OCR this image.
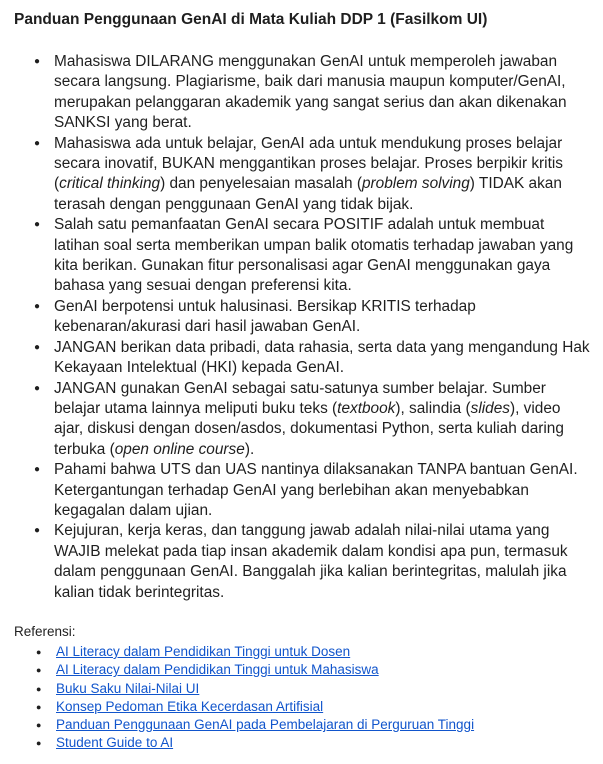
Panduan Penggunaan GenAI di Mata Kuliah DDP 1 (Fasilkom UI)
● Mahasiswa DILARANG menggunakan GenAI untuk memperoleh jawaban secara langsung. Plagiarisme, baik dari manusia maupun komputer/GenAI, merupakan pelanggaran akademik yang sangat serius dan akan dikenakan SANKSI yang berat.
● Mahasiswa ada untuk belajar, GenAI ada untuk mendukung proses belajar secara inovatif, BUKAN menggantikan proses belajar. Proses berpikir kritis (critical thinking) dan penyelesaian masalah (problem solving) TIDAK akan terasah dengan penggunaan GenAI yang tidak bijak.
● Salah satu pemanfaatan GenAI secara POSITIF adalah untuk membuat latihan soal serta memberikan umpan balik otomatis terhadap jawaban yang kita berikan. Gunakan fitur personalisasi agar GenAI menggunakan gaya bahasa yang sesuai dengan preferensi kita.
● GenAI berpotensi untuk halusinasi. Bersikap KRITIS terhadap kebenaran/akurasi dari hasil jawaban GenAI.
● JANGAN berikan data pribadi, data rahasia, serta data yang mengandung Hak Kekayaan Intelektual (HKI) kepada GenAI.
● JANGAN gunakan GenAI sebagai satu-satunya sumber belajar. Sumber belajar utama lainnya meliputi buku teks (textbook), salindia (slides), video ajar, diskusi dengan dosen/asdos, dokumentasi Python, serta kuliah daring terbuka (open online course).
● Pahami bahwa UTS dan UAS nantinya dilaksanakan TANPA bantuan GenAI. Ketergantungan terhadap GenAI yang berlebihan akan menyebabkan kegagalan dalam ujian.
● Kejujuran, kerja keras, dan tanggung jawab adalah nilai-nilai utama yang WAJIB melekat pada tiap insan akademik dalam kondisi apa pun, termasuk dalam penggunaan GenAI. Banggalah jika kalian berintegritas, malulah jika kalian tidak berintegritas.
Referensi:
● AI Literacy dalam Pendidikan Tinggi untuk Dosen
● AI Literacy dalam Pendidikan Tinggi untuk Mahasiswa
● Buku Saku Nilai-Nilai UI
● Konsep Pedoman Etika Kecerdasan Artifisial
● Panduan Penggunaan GenAI pada Pembelajaran di Perguruan Tinggi
● Student Guide to AI
